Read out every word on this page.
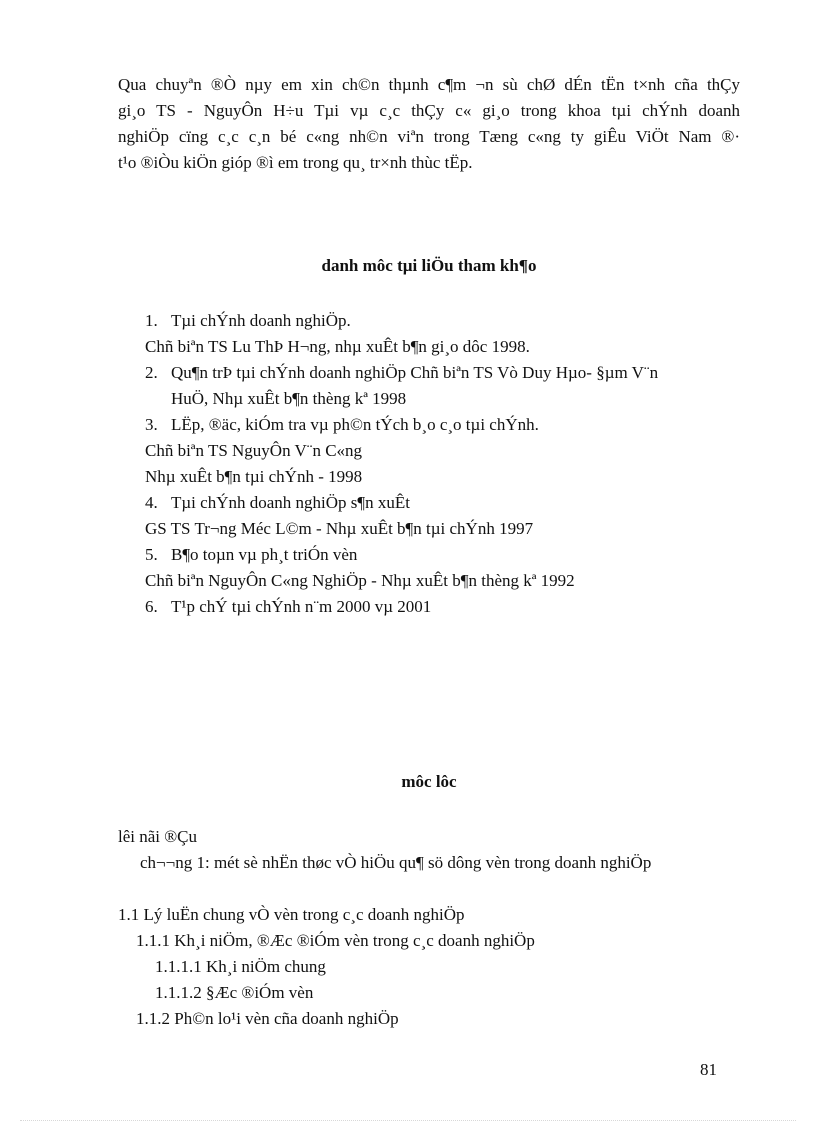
Qua chuyªn ®Ò nµy em xin ch©n thµnh c¶m ¬n sù chØ dÉn tËn t×nh cña thÇy
gi¸o TS - NguyÔn H÷u Tµi vµ c¸c thÇy c« gi¸o trong khoa tµi chÝnh doanh
nghiÖp cïng c¸c c¸n bé c«ng nh©n viªn trong Tæng c«ng ty giÊu ViÖt Nam ®·
t¹o ®iÒu kiÖn gióp ®ì em trong qu¸ tr×nh thùc tËp.
danh môc tµi liÖu tham kh¶o
1. Tµi chÝnh doanh nghiÖp.
Chñ biªn TS Lu ThÞ H¬ng, nhµ xuÊt b¶n gi¸o dôc 1998.
2. Qu¶n trÞ tµi chÝnh doanh nghiÖp Chñ biªn TS Vò Duy Hµo- §µm V¨n
HuÖ, Nhµ xuÊt b¶n thèng kª 1998
3. LËp, ®äc, kiÓm tra vµ ph©n tÝch b¸o c¸o tµi chÝnh.
Chñ biªn TS NguyÔn V¨n C«ng
Nhµ xuÊt b¶n tµi chÝnh - 1998
4. Tµi chÝnh doanh nghiÖp s¶n xuÊt
GS TS Tr¬ng Méc L©m - Nhµ xuÊt b¶n tµi chÝnh 1997
5. B¶o toµn vµ ph¸t triÓn vèn
Chñ biªn NguyÔn C«ng NghiÖp - Nhµ xuÊt b¶n thèng kª 1992
6. T¹p chÝ tµi chÝnh n¨m 2000 vµ 2001
môc lôc
lêi nãi ®Çu
ch¬¬ng 1: mét sè nhËn thøc vÒ hiÖu qu¶ sö dông vèn trong doanh nghiÖp
1.1 Lý luËn chung vÒ vèn trong c¸c doanh nghiÖp
1.1.1 Kh¸i niÖm, ®Æc ®iÓm vèn trong c¸c doanh nghiÖp
1.1.1.1 Kh¸i niÖm chung
1.1.1.2 §Æc ®iÓm vèn
1.1.2 Ph©n lo¹i vèn cña doanh nghiÖp
81
